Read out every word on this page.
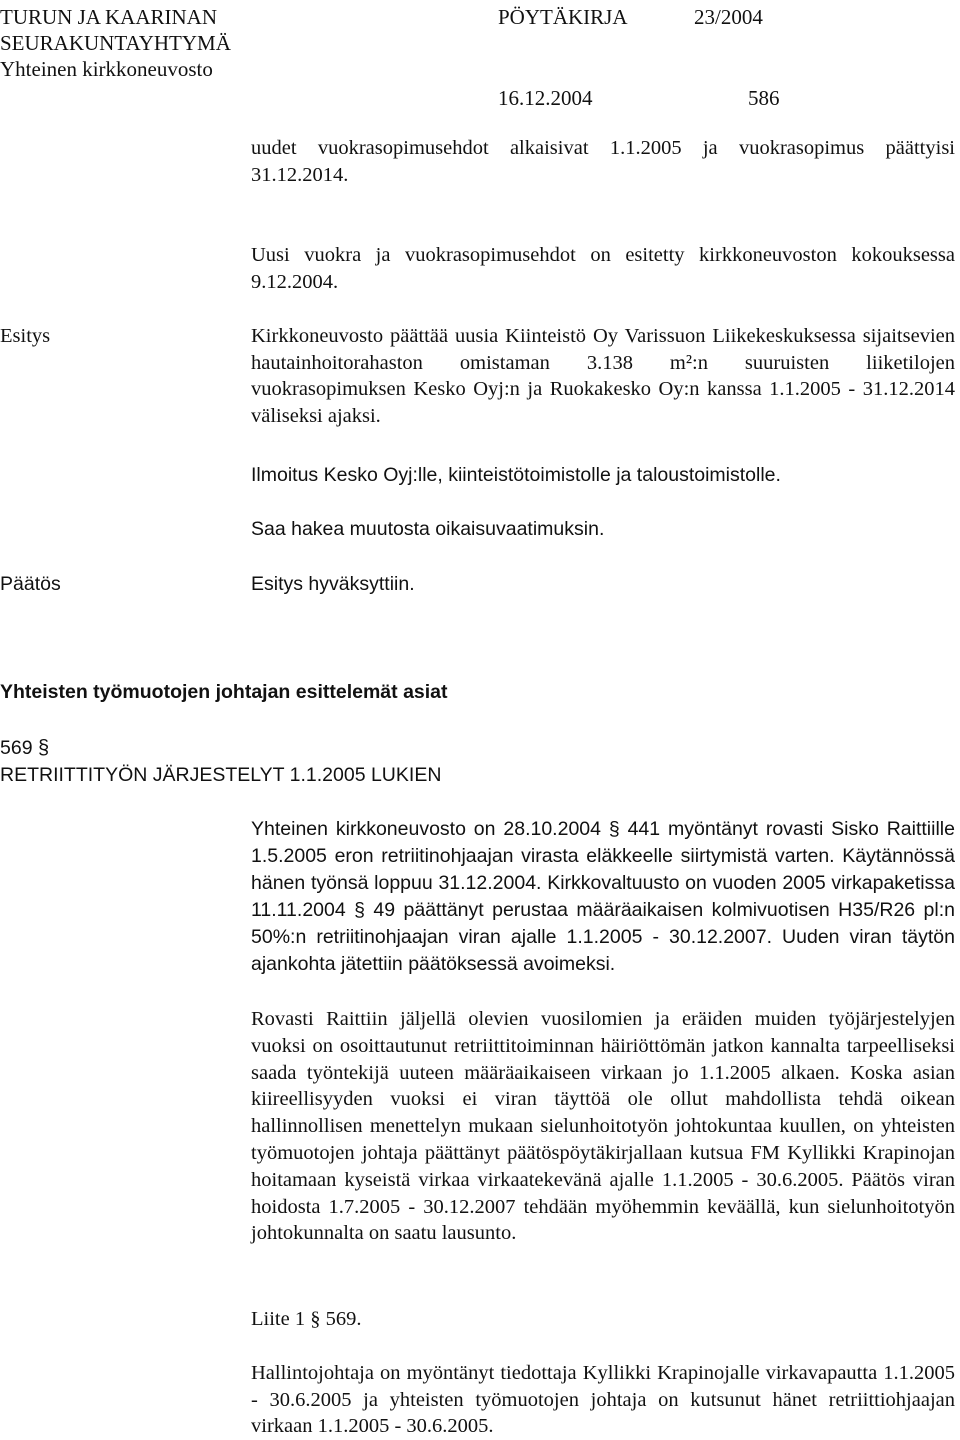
TURUN JA KAARINAN
SEURAKUNTAYHTYMÄ
Yhteinen kirkkoneuvosto
PÖYTÄKIRJA	23/2004
16.12.2004	586

uudet vuokrasopimusehdot alkaisivat 1.1.2005 ja vuokrasopimus päättyisi 31.12.2014.

Uusi vuokra ja vuokrasopimusehdot on esitetty kirkkoneuvoston kokouksessa 9.12.2004.

Esitys	Kirkkoneuvosto päättää uusia Kiinteistö Oy Varissuon Liikekeskuksessa sijaitsevien hautainhoitorahaston omistaman 3.138 m²:n suuruisten liiketilojen vuokrasopimuksen Kesko Oyj:n ja Ruokakesko Oy:n kanssa 1.1.2005 - 31.12.2014 väliseksi ajaksi.

Ilmoitus Kesko Oyj:lle, kiinteistötoimistolle ja taloustoimistolle.

Saa hakea muutosta oikaisuvaatimuksin.

Päätös	Esitys hyväksyttiin.

Yhteisten työmuotojen johtajan esittelemät asiat
569 §
RETRIITTITYÖN JÄRJESTELYT 1.1.2005 LUKIEN

Yhteinen kirkkoneuvosto on 28.10.2004 § 441 myöntänyt rovasti Sisko Raittiille 1.5.2005 eron retriitinohjaajan virasta eläkkeelle siirtymistä varten. Käytännössä hänen työnsä loppuu 31.12.2004. Kirkkovaltuusto on vuoden 2005 virkapaketissa 11.11.2004 § 49 päättänyt perustaa määräaikaisen kolmivuotisen H35/R26 pl:n 50%:n retriitinohjaajan viran ajalle 1.1.2005 - 30.12.2007. Uuden viran täytön ajankohta jätettiin päätöksessä avoimeksi.

Rovasti Raittiin jäljellä olevien vuosilomien ja eräiden muiden työjärjestelyjen vuoksi on osoittautunut retriittitoiminnan häiriöttömän jatkon kannalta tarpeelliseksi saada työntekijä uuteen määräaikaiseen virkaan jo 1.1.2005 alkaen. Koska asian kiireellisyyden vuoksi ei viran täyttöä ole ollut mahdollista tehdä oikean hallinnollisen menettelyn mukaan sielunhoitotyön johtokuntaa kuullen, on yhteisten työmuotojen johtaja päättänyt päätöspöytäkirjallaan kutsua FM Kyllikki Krapinojan hoitamaan kyseistä virkaa virkaatekevänä ajalle 1.1.2005 - 30.6.2005. Päätös viran hoidosta 1.7.2005 - 30.12.2007 tehdään myöhemmin keväällä, kun sielunhoitotyön johtokunnalta on saatu lausunto.

Liite 1 § 569.

Hallintojohtaja on myöntänyt tiedottaja Kyllikki Krapinojalle virkavapautta 1.1.2005 - 30.6.2005 ja yhteisten työmuotojen johtaja on kutsunut hänet retriittiohjaajan virkaan 1.1.2005 - 30.6.2005.
